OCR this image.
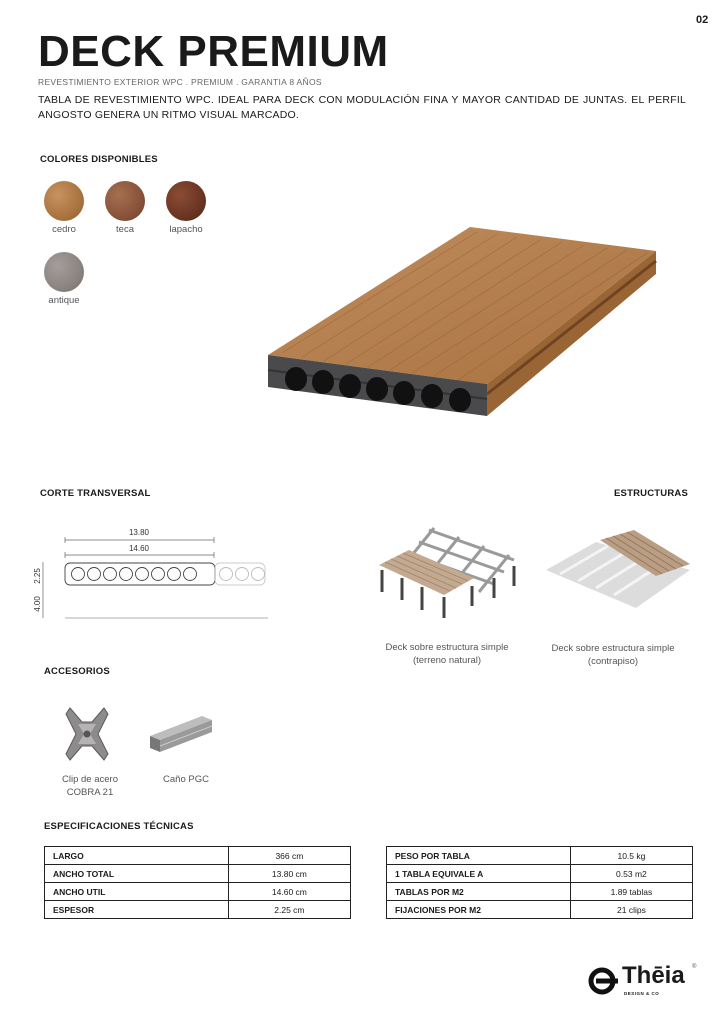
02
DECK PREMIUM
REVESTIMIENTO EXTERIOR WPC . PREMIUM . GARANTIA 8 AÑOS
TABLA DE REVESTIMIENTO WPC. IDEAL PARA DECK CON MODULACIÓN FINA Y MAYOR CANTIDAD DE JUNTAS. EL PERFIL ANGOSTO GENERA UN RITMO VISUAL MARCADO.
COLORES DISPONIBLES
cedro	teca	lapacho
antique
CORTE TRANSVERSAL	ESTRUCTURAS
13.80
14.60
2.25
4.00
Deck sobre estructura simple (terreno natural)
Deck sobre estructura simple (contrapiso)
ACCESORIOS
Clip de acero COBRA 21
Caño PGC
ESPECIFICACIONES TÉCNICAS
LARGO	366 cm
ANCHO TOTAL	13.80 cm
ANCHO UTIL	14.60 cm
ESPESOR	2.25 cm
PESO POR TABLA	10.5 kg
1 TABLA EQUIVALE A	0.53 m2
TABLAS POR M2	1.89 tablas
FIJACIONES POR M2	21 clips
Thēia ®
DESIGN & CO
